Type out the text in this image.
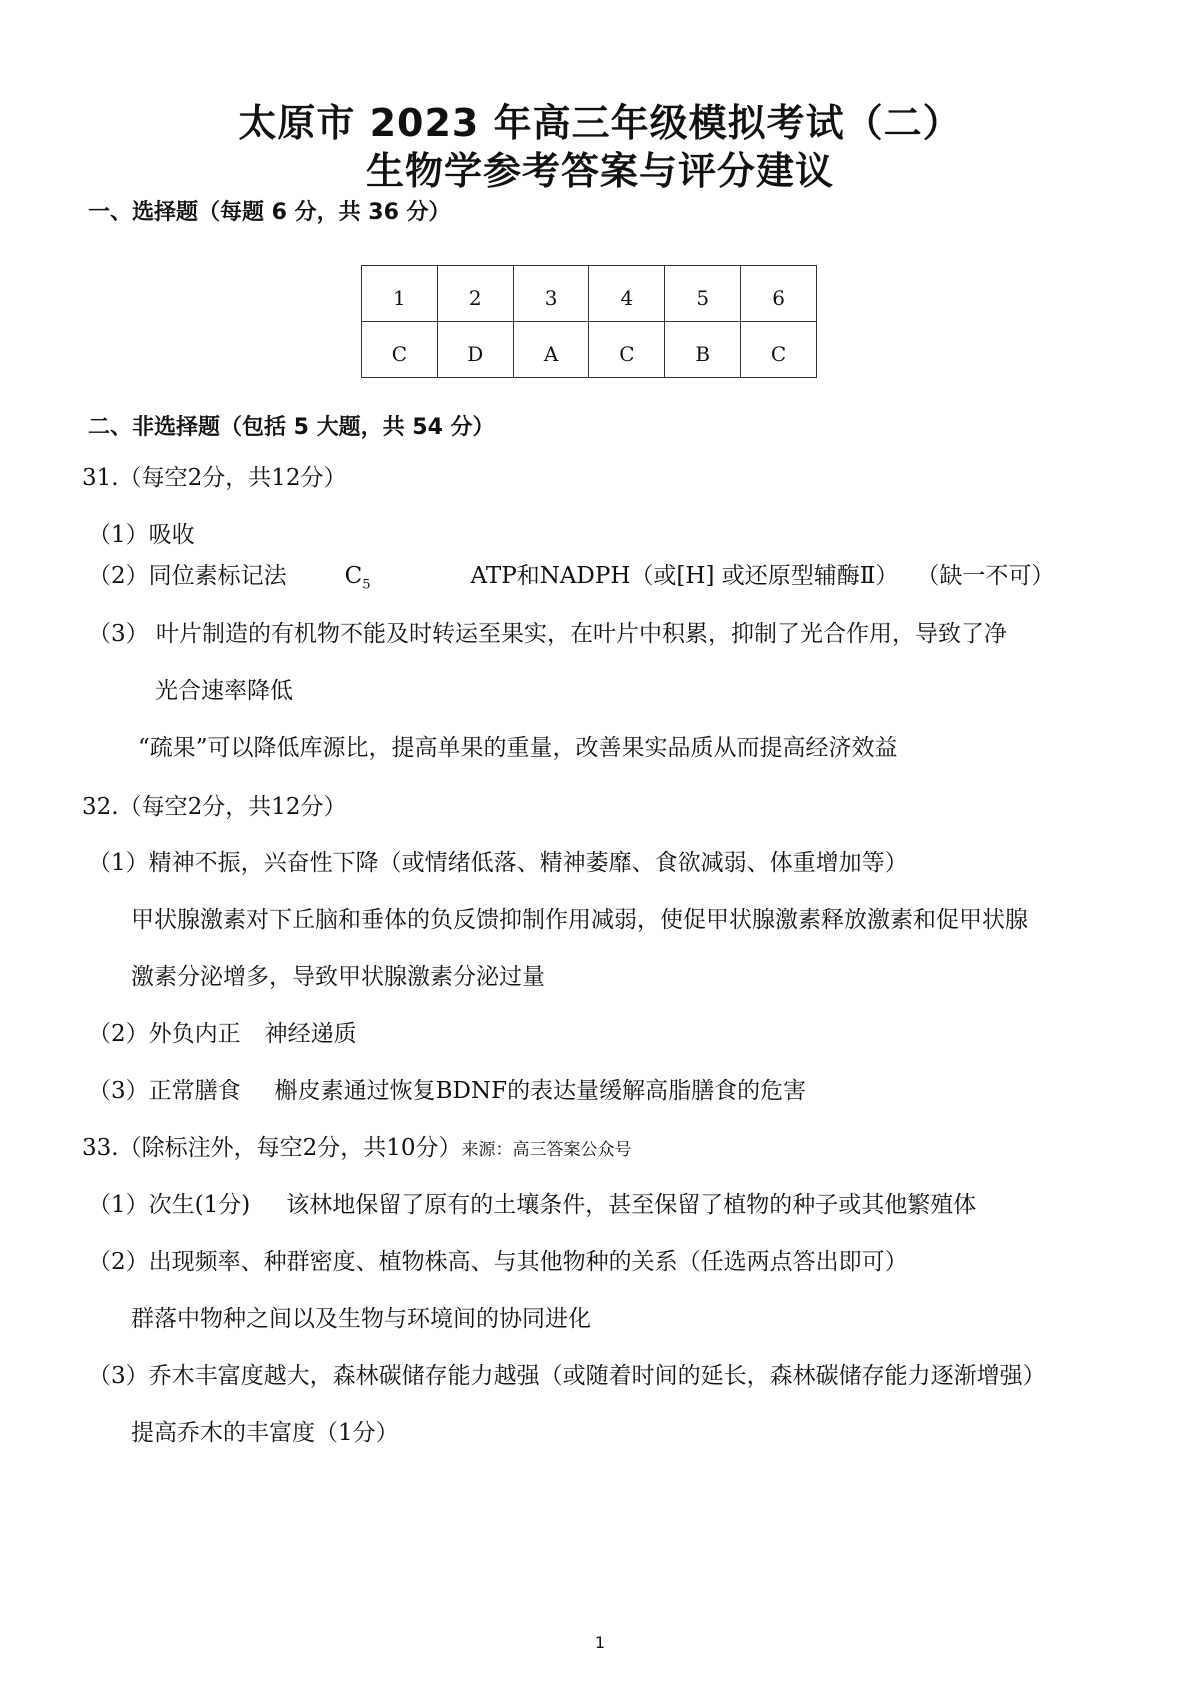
太原市 2023 年高三年级模拟考试（二）
生物学参考答案与评分建议
一、选择题（每题 6 分，共 36 分）
1	2	3	4	5	6
C	D	A	C	B	C
二、非选择题（包括 5 大题，共 54 分）
31.（每空2分，共12分）
（1）吸收
（2）同位素标记法	$C_5$	ATP和NADPH（或[H] 或还原型辅酶Ⅱ） （缺一不可）
（3） 叶片制造的有机物不能及时转运至果实，在叶片中积累，抑制了光合作用，导致了净
光合速率降低
“疏果”可以降低库源比，提高单果的重量，改善果实品质从而提高经济效益
32.（每空2分，共12分）
（1）精神不振，兴奋性下降（或情绪低落、精神萎靡、食欲减弱、体重增加等）
甲状腺激素对下丘脑和垂体的负反馈抑制作用减弱，使促甲状腺激素释放激素和促甲状腺
激素分泌增多，导致甲状腺激素分泌过量
（2）外负内正 神经递质
（3）正常膳食 槲皮素通过恢复BDNF的表达量缓解高脂膳食的危害
33.（除标注外，每空2分，共10分）来源：高三答案公众号
（1）次生(1分) 该林地保留了原有的土壤条件，甚至保留了植物的种子或其他繁殖体
（2）出现频率、种群密度、植物株高、与其他物种的关系（任选两点答出即可）
群落中物种之间以及生物与环境间的协同进化
（3）乔木丰富度越大，森林碳储存能力越强（或随着时间的延长，森林碳储存能力逐渐增强）
提高乔木的丰富度（1分）
1
